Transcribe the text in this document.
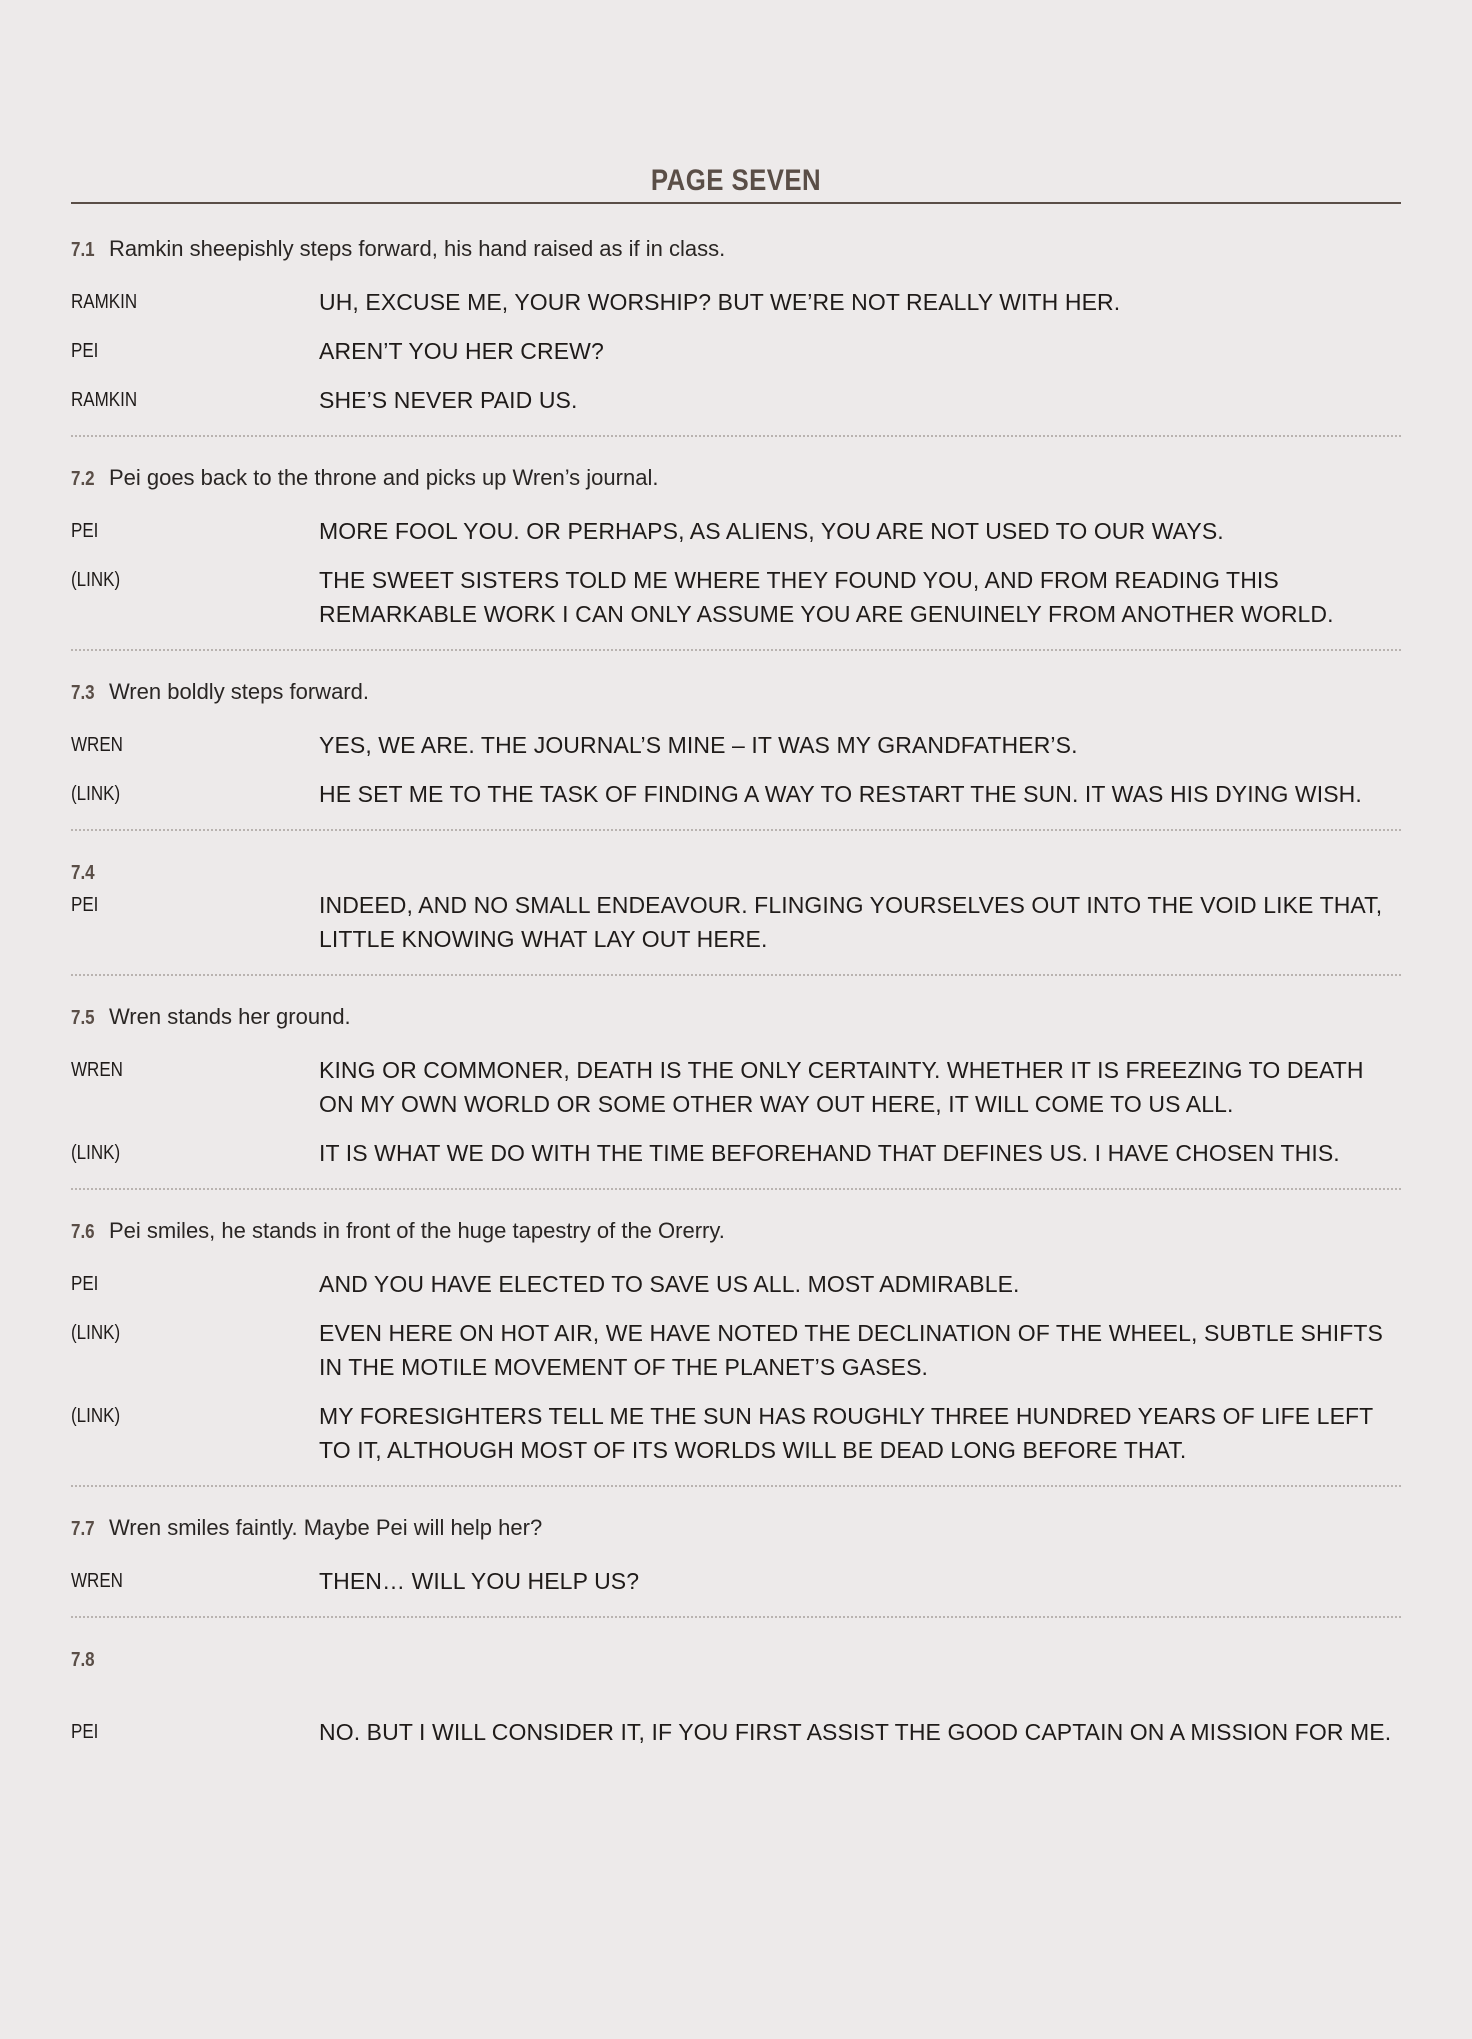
PAGE SEVEN
7.1 Ramkin sheepishly steps forward, his hand raised as if in class.
RAMKIN	UH, EXCUSE ME, YOUR WORSHIP? BUT WE’RE NOT REALLY WITH HER.
PEI	AREN’T YOU HER CREW?
RAMKIN	SHE’S NEVER PAID US.
7.2 Pei goes back to the throne and picks up Wren’s journal.
PEI	MORE FOOL YOU. OR PERHAPS, AS ALIENS, YOU ARE NOT USED TO OUR WAYS.
(LINK)	THE SWEET SISTERS TOLD ME WHERE THEY FOUND YOU, AND FROM READING THIS REMARKABLE WORK I CAN ONLY ASSUME YOU ARE GENUINELY FROM ANOTHER WORLD.
7.3 Wren boldly steps forward.
WREN	YES, WE ARE. THE JOURNAL’S MINE – IT WAS MY GRANDFATHER’S.
(LINK)	HE SET ME TO THE TASK OF FINDING A WAY TO RESTART THE SUN. IT WAS HIS DYING WISH.
7.4
PEI	INDEED, AND NO SMALL ENDEAVOUR. FLINGING YOURSELVES OUT INTO THE VOID LIKE THAT, LITTLE KNOWING WHAT LAY OUT HERE.
7.5 Wren stands her ground.
WREN	KING OR COMMONER, DEATH IS THE ONLY CERTAINTY. WHETHER IT IS FREEZING TO DEATH ON MY OWN WORLD OR SOME OTHER WAY OUT HERE, IT WILL COME TO US ALL.
(LINK)	IT IS WHAT WE DO WITH THE TIME BEFOREHAND THAT DEFINES US. I HAVE CHOSEN THIS.
7.6 Pei smiles, he stands in front of the huge tapestry of the Orerry.
PEI	AND YOU HAVE ELECTED TO SAVE US ALL. MOST ADMIRABLE.
(LINK)	EVEN HERE ON HOT AIR, WE HAVE NOTED THE DECLINATION OF THE WHEEL, SUBTLE SHIFTS IN THE MOTILE MOVEMENT OF THE PLANET’S GASES.
(LINK)	MY FORESIGHTERS TELL ME THE SUN HAS ROUGHLY THREE HUNDRED YEARS OF LIFE LEFT TO IT, ALTHOUGH MOST OF ITS WORLDS WILL BE DEAD LONG BEFORE THAT.
7.7 Wren smiles faintly. Maybe Pei will help her?
WREN	THEN… WILL YOU HELP US?
7.8
PEI	NO. BUT I WILL CONSIDER IT, IF YOU FIRST ASSIST THE GOOD CAPTAIN ON A MISSION FOR ME.
